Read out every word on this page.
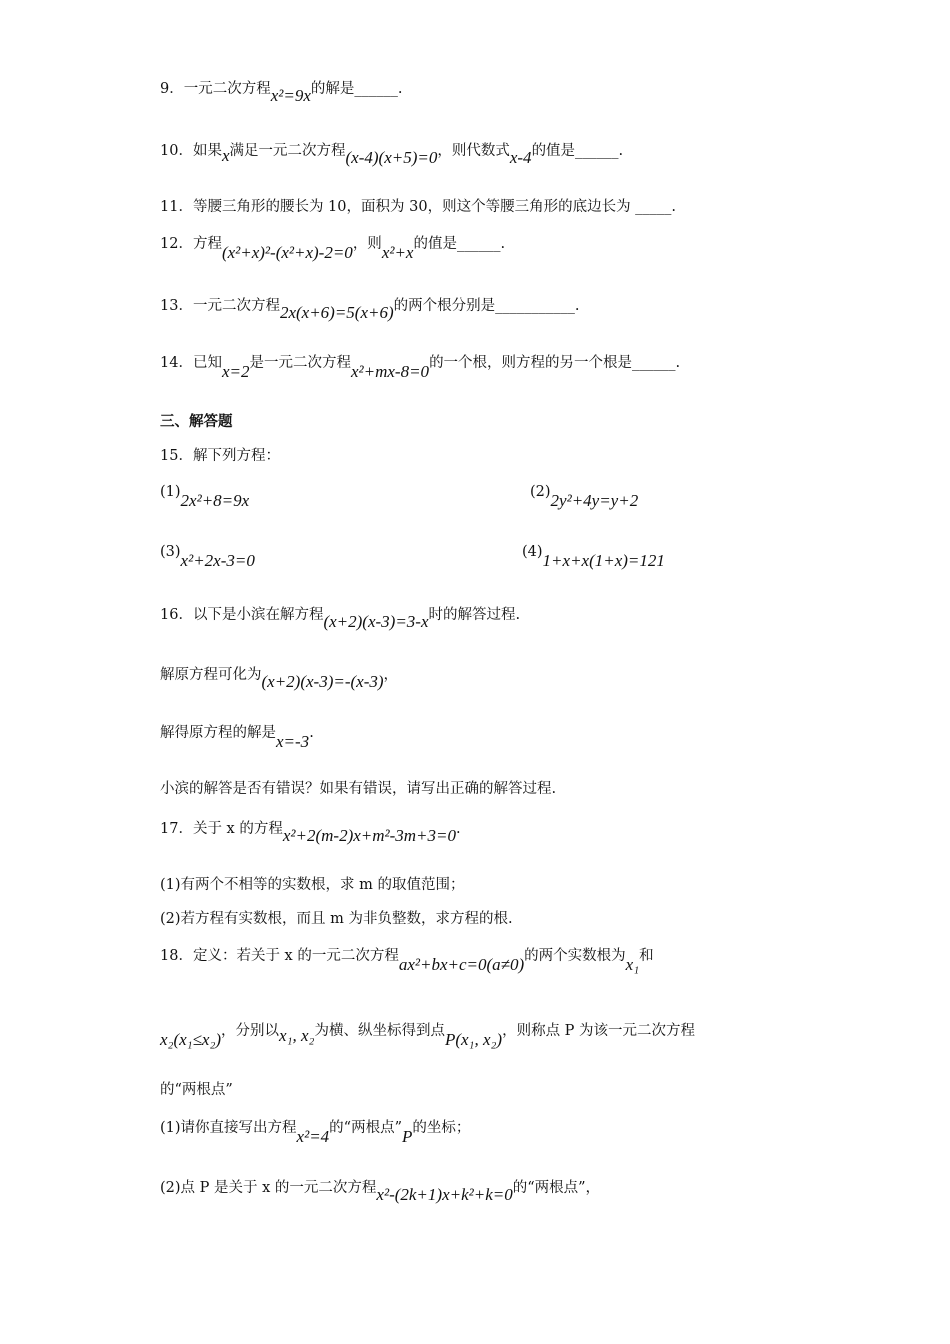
9．一元二次方程x²=9x的解是______.
10．如果x满足一元二次方程(x-4)(x+5)=0，则代数式x-4的值是______.
11．等腰三角形的腰长为 10，面积为 30，则这个等腰三角形的底边长为 _____.
12．方程(x²+x)²-(x²+x)-2=0，则x²+x的值是______.
13．一元二次方程2x(x+6)=5(x+6)的两个根分别是___________.
14．已知x=2是一元二次方程x²+mx-8=0的一个根，则方程的另一个根是______.
三、解答题
15．解下列方程：
(1)2x²+8=9x	(2)2y²+4y=y+2
(3)x²+2x-3=0	(4)1+x+x(1+x)=121
16．以下是小滨在解方程(x+2)(x-3)=3-x时的解答过程.
解原方程可化为(x+2)(x-3)=-(x-3)，
解得原方程的解是x=-3.
小滨的解答是否有错误？如果有错误，请写出正确的解答过程.
17．关于 x 的方程x²+2(m-2)x+m²-3m+3=0.
(1)有两个不相等的实数根，求 m 的取值范围；
(2)若方程有实数根，而且 m 为非负整数，求方程的根.
18．定义：若关于 x 的一元二次方程ax²+bx+c=0(a≠0)的两个实数根为x₁和
x₂(x₁≤x₂)，分别以x₁, x₂为横、纵坐标得到点P(x₁, x₂)，则称点 P 为该一元二次方程
的“两根点”
(1)请你直接写出方程x²=4的“两根点”P的坐标；
(2)点 P 是关于 x 的一元二次方程x²-(2k+1)x+k²+k=0的“两根点”，
